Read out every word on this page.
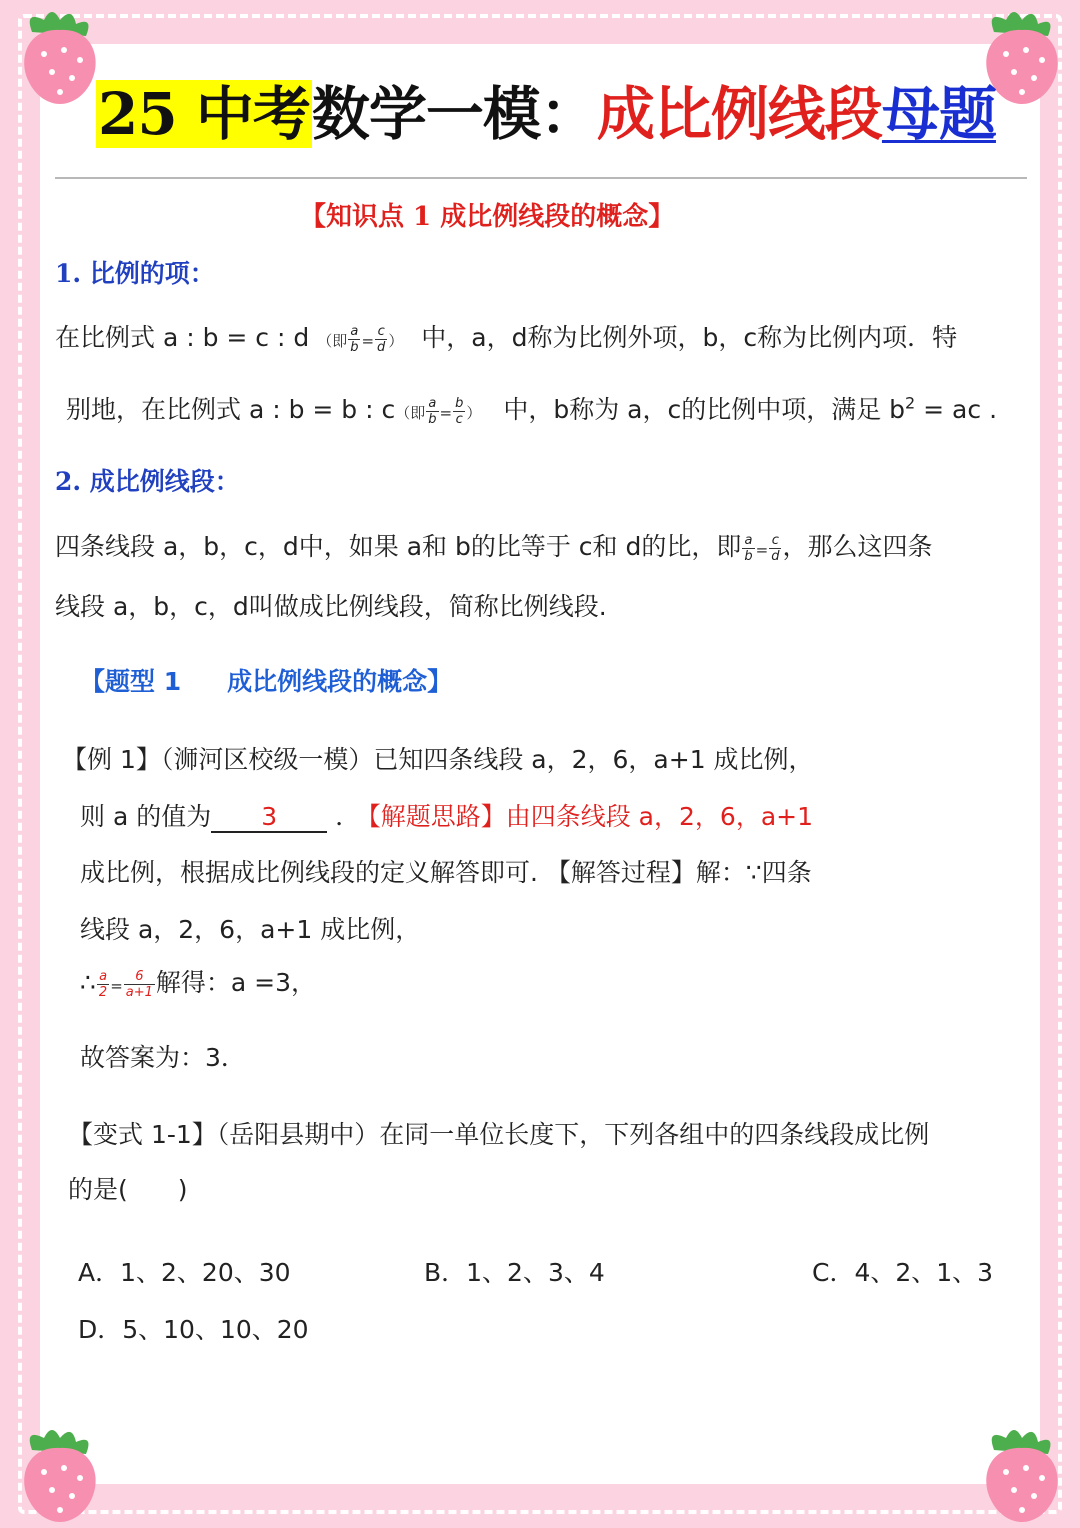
25 中考数学一模：成比例线段母题
【知识点 1 成比例线段的概念】
1. 比例的项：
在比例式 a : b = c : d （即 $\frac{a}{b} = \frac{c}{d}$ ） 中，a，d称为比例外项，b，c称为比例内项．特
别地，在比例式 a : b = b : c（即 $\frac{a}{b} = \frac{b}{c}$ ） 中，b称为 a，c的比例中项，满足 $b^2$ = ac .
2. 成比例线段：
四条线段 a，b，c，d中，如果 a和 b的比等于 c和 d的比，即 $\frac{a}{b} = \frac{c}{d}$ ，那么这四条
线段 a，b，c，d叫做成比例线段，简称比例线段.
【题型 1 成比例线段的概念】
【例 1】（浉河区校级一模）已知四条线段 a，2，6，a+1 成比例，
则 a 的值为 3 ． 【解题思路】由四条线段 a，2，6，a+1
成比例，根据成比例线段的定义解答即可. 【解答过程】解：∵四条
线段 a，2，6，a+1 成比例，
∴ $\frac{a}{2} = \frac{6}{a+1}$ 解得：a =3，
故答案为：3．
【变式 1-1】（岳阳县期中）在同一单位长度下，下列各组中的四条线段成比例
的是(　　)
A．1、2、20、30	B．1、2、3、4	C．4、2、1、3
D．5、10、10、20
